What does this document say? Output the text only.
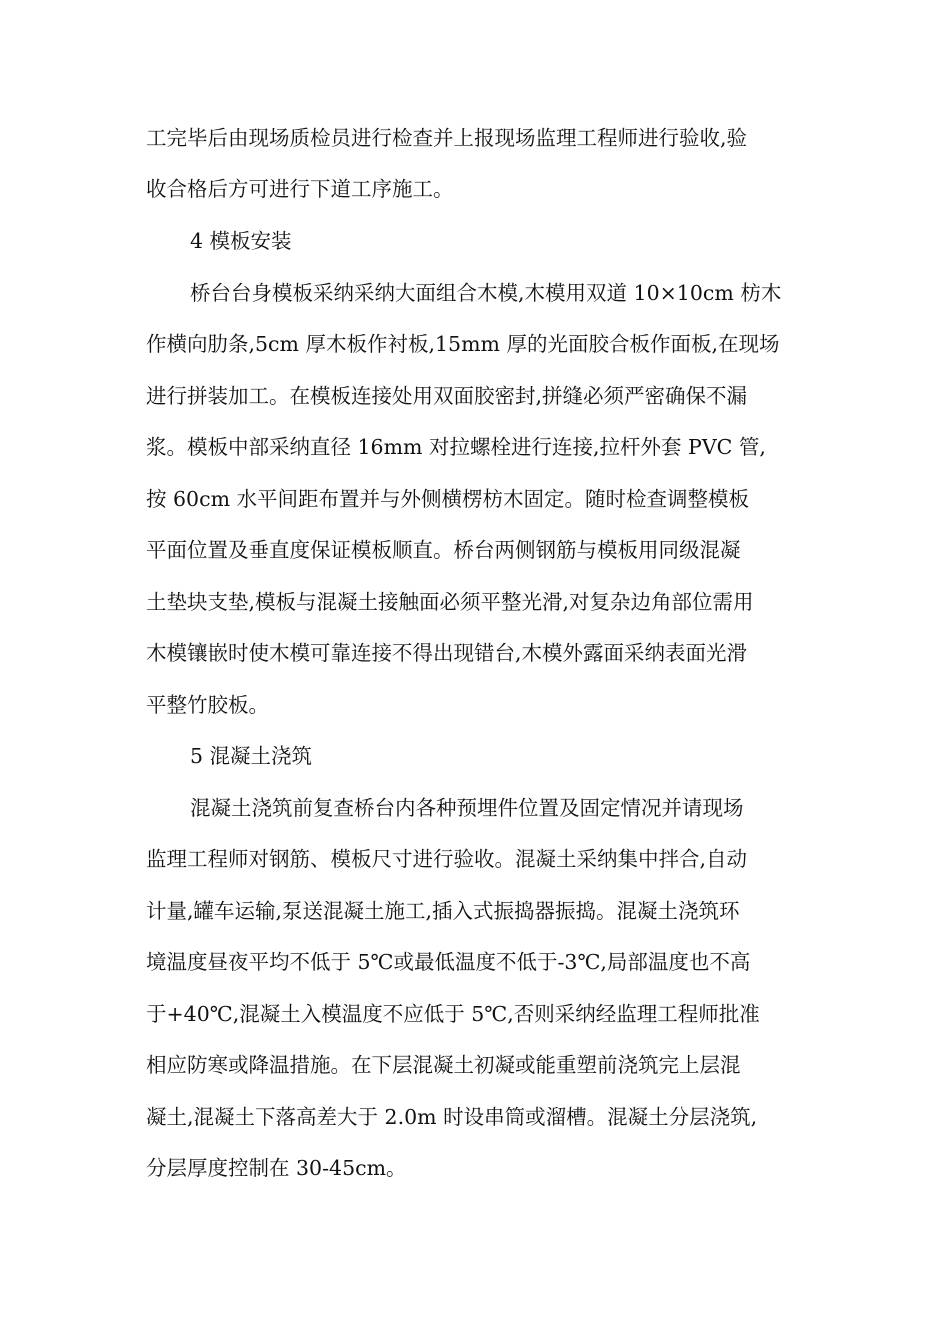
工完毕后由现场质检员进行检查并上报现场监理工程师进行验收,验
收合格后方可进行下道工序施工。
4 模板安装
桥台台身模板采纳采纳大面组合木模,木模用双道 10×10cm 枋木
作横向肋条,5cm 厚木板作衬板,15mm 厚的光面胶合板作面板,在现场
进行拼装加工。在模板连接处用双面胶密封,拼缝必须严密确保不漏
浆。模板中部采纳直径 16mm 对拉螺栓进行连接,拉杆外套 PVC 管,
按 60cm 水平间距布置并与外侧横楞枋木固定。随时检查调整模板
平面位置及垂直度保证模板顺直。桥台两侧钢筋与模板用同级混凝
土垫块支垫,模板与混凝土接触面必须平整光滑,对复杂边角部位需用
木模镶嵌时使木模可靠连接不得出现错台,木模外露面采纳表面光滑
平整竹胶板。
5 混凝土浇筑
混凝土浇筑前复查桥台内各种预埋件位置及固定情况并请现场
监理工程师对钢筋、模板尺寸进行验收。混凝土采纳集中拌合,自动
计量,罐车运输,泵送混凝土施工,插入式振捣器振捣。混凝土浇筑环
境温度昼夜平均不低于 5℃或最低温度不低于-3℃,局部温度也不高
于+40℃,混凝土入模温度不应低于 5℃,否则采纳经监理工程师批准
相应防寒或降温措施。在下层混凝土初凝或能重塑前浇筑完上层混
凝土,混凝土下落高差大于 2.0m 时设串筒或溜槽。混凝土分层浇筑,
分层厚度控制在 30-45cm。
